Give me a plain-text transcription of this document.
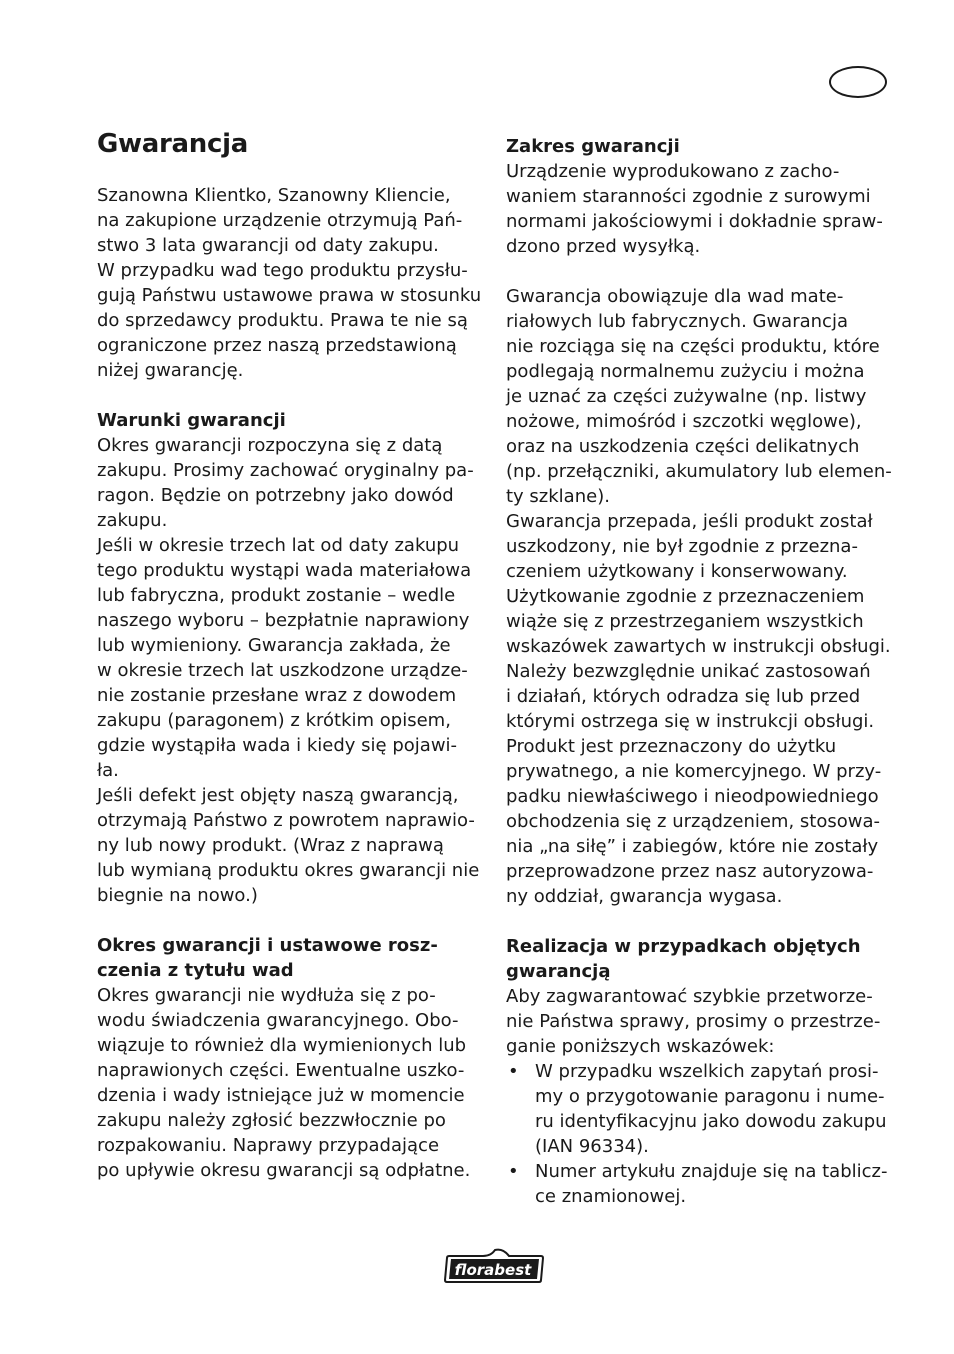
Gwarancja

Szanowna Klientko, Szanowny Kliencie,
na zakupione urządzenie otrzymują Pań-
stwo 3 lata gwarancji od daty zakupu.
W przypadku wad tego produktu przysłu-
gują Państwu ustawowe prawa w stosunku
do sprzedawcy produktu. Prawa te nie są
ograniczone przez naszą przedstawioną
niżej gwarancję.

Warunki gwarancji

Okres gwarancji rozpoczyna się z datą
zakupu. Prosimy zachować oryginalny pa-
ragon. Będzie on potrzebny jako dowód
zakupu.
Jeśli w okresie trzech lat od daty zakupu
tego produktu wystąpi wada materiałowa
lub fabryczna, produkt zostanie – wedle
naszego wyboru – bezpłatnie naprawiony
lub wymieniony. Gwarancja zakłada, że
w okresie trzech lat uszkodzone urządze-
nie zostanie przesłane wraz z dowodem
zakupu (paragonem) z krótkim opisem,
gdzie wystąpiła wada i kiedy się pojawi-
ła.
Jeśli defekt jest objęty naszą gwarancją,
otrzymają Państwo z powrotem naprawio-
ny lub nowy produkt. (Wraz z naprawą
lub wymianą produktu okres gwarancji nie
biegnie na nowo.)

Okres gwarancji i ustawowe rosz-
czenia z tytułu wad

Okres gwarancji nie wydłuża się z po-
wodu świadczenia gwarancyjnego. Obo-
wiązuje to również dla wymienionych lub
naprawionych części. Ewentualne uszko-
dzenia i wady istniejące już w momencie
zakupu należy zgłosić bezzwłocznie po
rozpakowaniu. Naprawy przypadające
po upływie okresu gwarancji są odpłatne.

Zakres gwarancji

Urządzenie wyprodukowano z zacho-
waniem staranności zgodnie z surowymi
normami jakościowymi i dokładnie spraw-
dzono przed wysyłką.

Gwarancja obowiązuje dla wad mate-
riałowych lub fabrycznych. Gwarancja
nie rozciąga się na części produktu, które
podlegają normalnemu zużyciu i można
je uznać za części zużywalne (np. listwy
nożowe, mimośród i szczotki węglowe),
oraz na uszkodzenia części delikatnych
(np. przełączniki, akumulatory lub elemen-
ty szklane).
Gwarancja przepada, jeśli produkt został
uszkodzony, nie był zgodnie z przezna-
czeniem użytkowany i konserwowany.
Użytkowanie zgodnie z przeznaczeniem
wiąże się z przestrzeganiem wszystkich
wskazówek zawartych w instrukcji obsługi.
Należy bezwzględnie unikać zastosowań
i działań, których odradza się lub przed
którymi ostrzega się w instrukcji obsługi.
Produkt jest przeznaczony do użytku
prywatnego, a nie komercyjnego. W przy-
padku niewłaściwego i nieodpowiedniego
obchodzenia się z urządzeniem, stosowa-
nia „na siłę” i zabiegów, które nie zostały
przeprowadzone przez nasz autoryzowa-
ny oddział, gwarancja wygasa.

Realizacja w przypadkach objętych
gwarancją

Aby zagwarantować szybkie przetworze-
nie Państwa sprawy, prosimy o przestrze-
ganie poniższych wskazówek:

• W przypadku wszelkich zapytań prosi-
my o przygotowanie paragonu i nume-
ru identyfikacyjnu jako dowodu zakupu
(IAN 96334).
• Numer artykułu znajduje się na tablicz-
ce znamionowej.
florabest
